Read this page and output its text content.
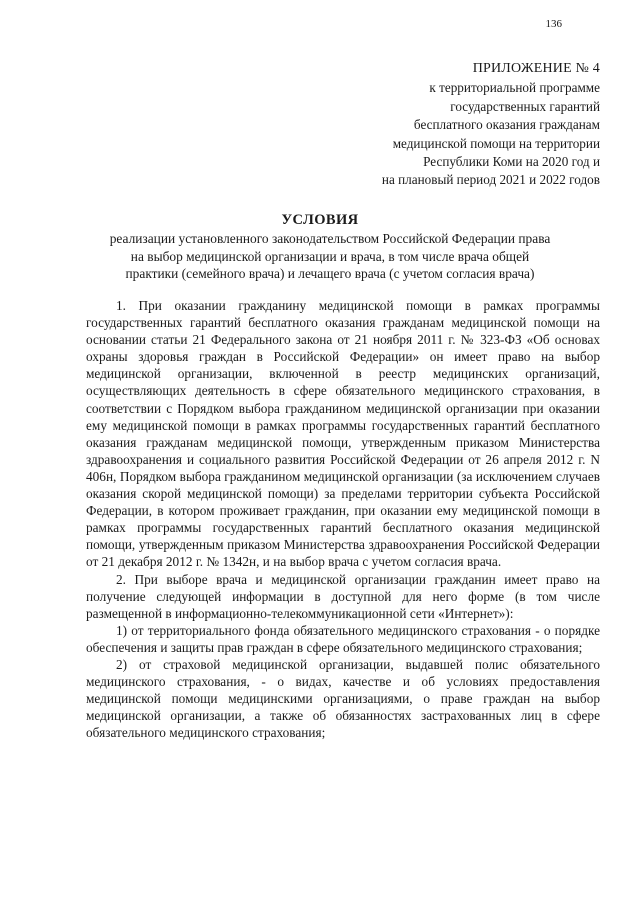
136
ПРИЛОЖЕНИЕ № 4
к территориальной программе
государственных гарантий
бесплатного оказания гражданам
медицинской помощи на территории
Республики Коми на 2020 год и
на плановый период 2021 и 2022 годов
УСЛОВИЯ
реализации установленного законодательством Российской Федерации права
на выбор медицинской организации и врача, в том числе врача общей
практики (семейного врача) и лечащего врача (с учетом согласия врача)

1. При оказании гражданину медицинской помощи в рамках программы государственных гарантий бесплатного оказания гражданам медицинской помощи на основании статьи 21 Федерального закона от 21 ноября 2011 г. № 323-ФЗ «Об основах охраны здоровья граждан в Российской Федерации» он имеет право на выбор медицинской организации, включенной в реестр медицинских организаций, осуществляющих деятельность в сфере обязательного медицинского страхования, в соответствии с Порядком выбора гражданином медицинской организации при оказании ему медицинской помощи в рамках программы государственных гарантий бесплатного оказания гражданам медицинской помощи, утвержденным приказом Министерства здравоохранения и социального развития Российской Федерации от 26 апреля 2012 г. N 406н, Порядком выбора гражданином медицинской организации (за исключением случаев оказания скорой медицинской помощи) за пределами территории субъекта Российской Федерации, в котором проживает гражданин, при оказании ему медицинской помощи в рамках программы государственных гарантий бесплатного оказания медицинской помощи, утвержденным приказом Министерства здравоохранения Российской Федерации от 21 декабря 2012 г. № 1342н, и на выбор врача с учетом согласия врача.

2. При выборе врача и медицинской организации гражданин имеет право на получение следующей информации в доступной для него форме (в том числе размещенной в информационно-телекоммуникационной сети «Интернет»):

1) от территориального фонда обязательного медицинского страхования - о порядке обеспечения и защиты прав граждан в сфере обязательного медицинского страхования;

2) от страховой медицинской организации, выдавшей полис обязательного медицинского страхования, - о видах, качестве и об условиях предоставления медицинской помощи медицинскими организациями, о праве граждан на выбор медицинской организации, а также об обязанностях застрахованных лиц в сфере обязательного медицинского страхования;
